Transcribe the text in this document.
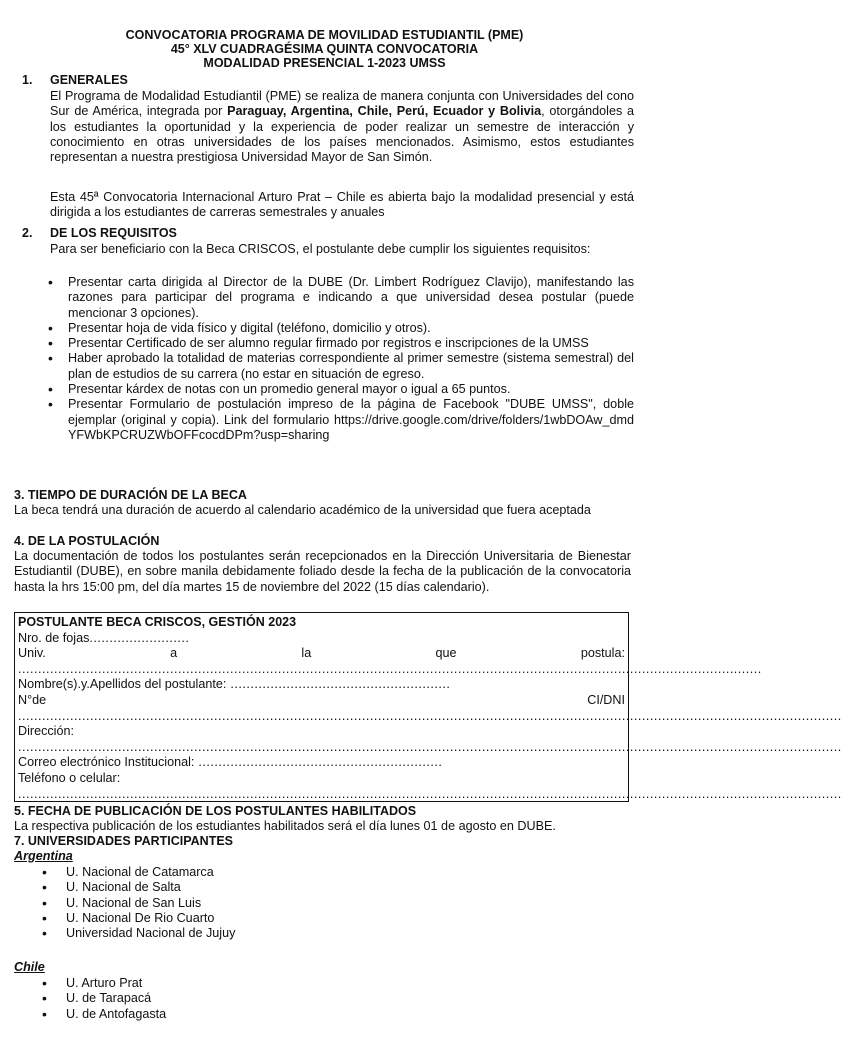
CONVOCATORIA PROGRAMA DE MOVILIDAD ESTUDIANTIL (PME)
45° XLV CUADRAGÉSIMA QUINTA CONVOCATORIA
MODALIDAD PRESENCIAL 1-2023 UMSS
1. GENERALES
El Programa de Modalidad Estudiantil (PME) se realiza de manera conjunta con Universidades del cono Sur de América, integrada por Paraguay, Argentina, Chile, Perú, Ecuador y Bolivia, otorgándoles a los estudiantes la oportunidad y la experiencia de poder realizar un semestre de interacción y conocimiento en otras universidades de los países mencionados. Asimismo, estos estudiantes representan a nuestra prestigiosa Universidad Mayor de San Simón.
Esta 45ª Convocatoria Internacional Arturo Prat – Chile es abierta bajo la modalidad presencial y está dirigida a los estudiantes de carreras semestrales y anuales
2. DE LOS REQUISITOS
Para ser beneficiario con la Beca CRISCOS, el postulante debe cumplir los siguientes requisitos:
• Presentar carta dirigida al Director de la DUBE (Dr. Limbert Rodríguez Clavijo), manifestando las razones para participar del programa e indicando a que universidad desea postular (puede mencionar 3 opciones).
• Presentar hoja de vida físico y digital (teléfono, domicilio y otros).
• Presentar Certificado de ser alumno regular firmado por registros e inscripciones de la UMSS
• Haber aprobado la totalidad de materias correspondiente al primer semestre (sistema semestral) del plan de estudios de su carrera (no estar en situación de egreso.
• Presentar kárdex de notas con un promedio general mayor o igual a 65 puntos.
• Presentar Formulario de postulación impreso de la página de Facebook "DUBE UMSS", doble ejemplar (original y copia). Link del formulario https://drive.google.com/drive/folders/1wbDOAw_dmdYFWbKPCRUZWbOFFcocdDPm?usp=sharing
3. TIEMPO DE DURACIÓN DE LA BECA
La beca tendrá una duración de acuerdo al calendario académico de la universidad que fuera aceptada
4. DE LA POSTULACIÓN
La documentación de todos los postulantes serán recepcionados en la Dirección Universitaria de Bienestar Estudiantil (DUBE), en sobre manila debidamente foliado desde la fecha de la publicación de la convocatoria hasta la hrs 15:00 pm, del día martes 15 de noviembre del 2022 (15 días calendario).
POSTULANTE BECA CRISCOS, GESTIÓN 2023
Nro. de fojas .........................
Univ.	a	la	que	postula:
..........................................................................................................................................................................................
Nombre(s).y.Apellidos del postulante: .......................................................
N°de	CI/DNI
..............................................................................................................................................................................................................
Dirección:
..............................................................................................................................................................................................................
Correo electrónico Institucional: .............................................................
Teléfono o celular:
..............................................................................................................................................................................................................
5. FECHA DE PUBLICACIÓN DE LOS POSTULANTES HABILITADOS
La respectiva publicación de los estudiantes habilitados será el día lunes 01 de agosto en DUBE.
7. UNIVERSIDADES PARTICIPANTES
Argentina
• U. Nacional de Catamarca
• U. Nacional de Salta
• U. Nacional de San Luis
• U. Nacional De Rio Cuarto
• Universidad Nacional de Jujuy
Chile
• U. Arturo Prat
• U. de Tarapacá
• U. de Antofagasta
